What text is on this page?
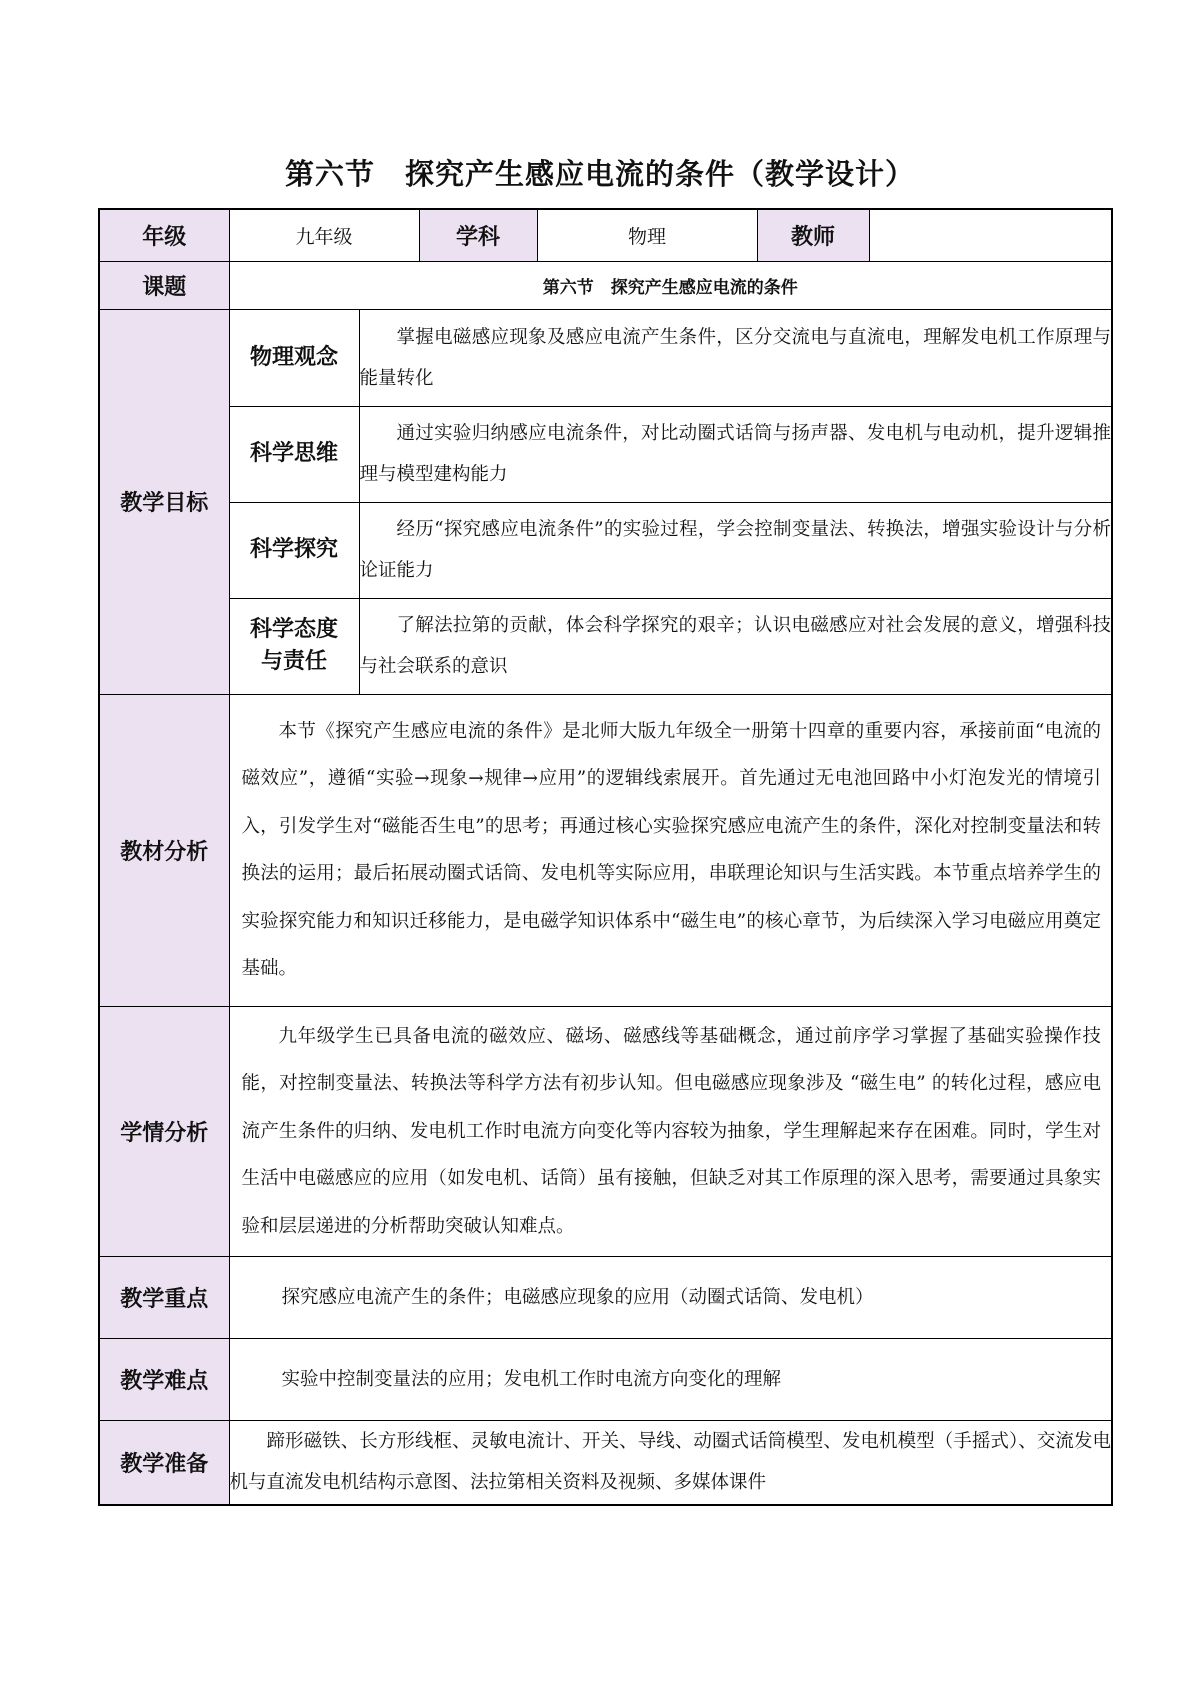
第六节 探究产生感应电流的条件（教学设计）
年级	九年级		学科	物理	教师	
课题	第六节　探究产生感应电流的条件					
教学目标	物理观念	掌握电磁感应现象及感应电流产生条件，区分交流电与直流电，理解发电机工作原理与能量转化				

	科学思维	通过实验归纳感应电流条件，对比动圈式话筒与扬声器、发电机与电动机，提升逻辑推理与模型建构能力				

	科学探究	经历“探究感应电流条件”的实验过程，学会控制变量法、转换法，增强实验设计与分析论证能力				

	科学态度
与责任	了解法拉第的贡献，体会科学探究的艰辛；认识电磁感应对社会发展的意义，增强科技与社会联系的意识				

教材分析	本节《探究产生感应电流的条件》是北师大版九年级全一册第十四章的重要内容，承接前面“电流的磁效应”，遵循“实验→现象→规律→应用”的逻辑线索展开。首先通过无电池回路中小灯泡发光的情境引入，引发学生对“磁能否生电”的思考；再通过核心实验探究感应电流产生的条件，深化对控制变量法和转换法的运用；最后拓展动圈式话筒、发电机等实际应用，串联理论知识与生活实践。本节重点培养学生的实验探究能力和知识迁移能力，是电磁学知识体系中“磁生电”的核心章节，为后续深入学习电磁应用奠定基础。					

学情分析	九年级学生已具备电流的磁效应、磁场、磁感线等基础概念，通过前序学习掌握了基础实验操作技能，对控制变量法、转换法等科学方法有初步认知。但电磁感应现象涉及 “磁生电” 的转化过程，感应电流产生条件的归纳、发电机工作时电流方向变化等内容较为抽象，学生理解起来存在困难。同时，学生对生活中电磁感应的应用（如发电机、话筒）虽有接触，但缺乏对其工作原理的深入思考，需要通过具象实验和层层递进的分析帮助突破认知难点。					

教学重点	探究感应电流产生的条件；电磁感应现象的应用（动圈式话筒、发电机）					
教学难点	实验中控制变量法的应用；发电机工作时电流方向变化的理解					
教学准备	蹄形磁铁、长方形线框、灵敏电流计、开关、导线、动圈式话筒模型、发电机模型（手摇式）、交流发电机与直流发电机结构示意图、法拉第相关资料及视频、多媒体课件					
